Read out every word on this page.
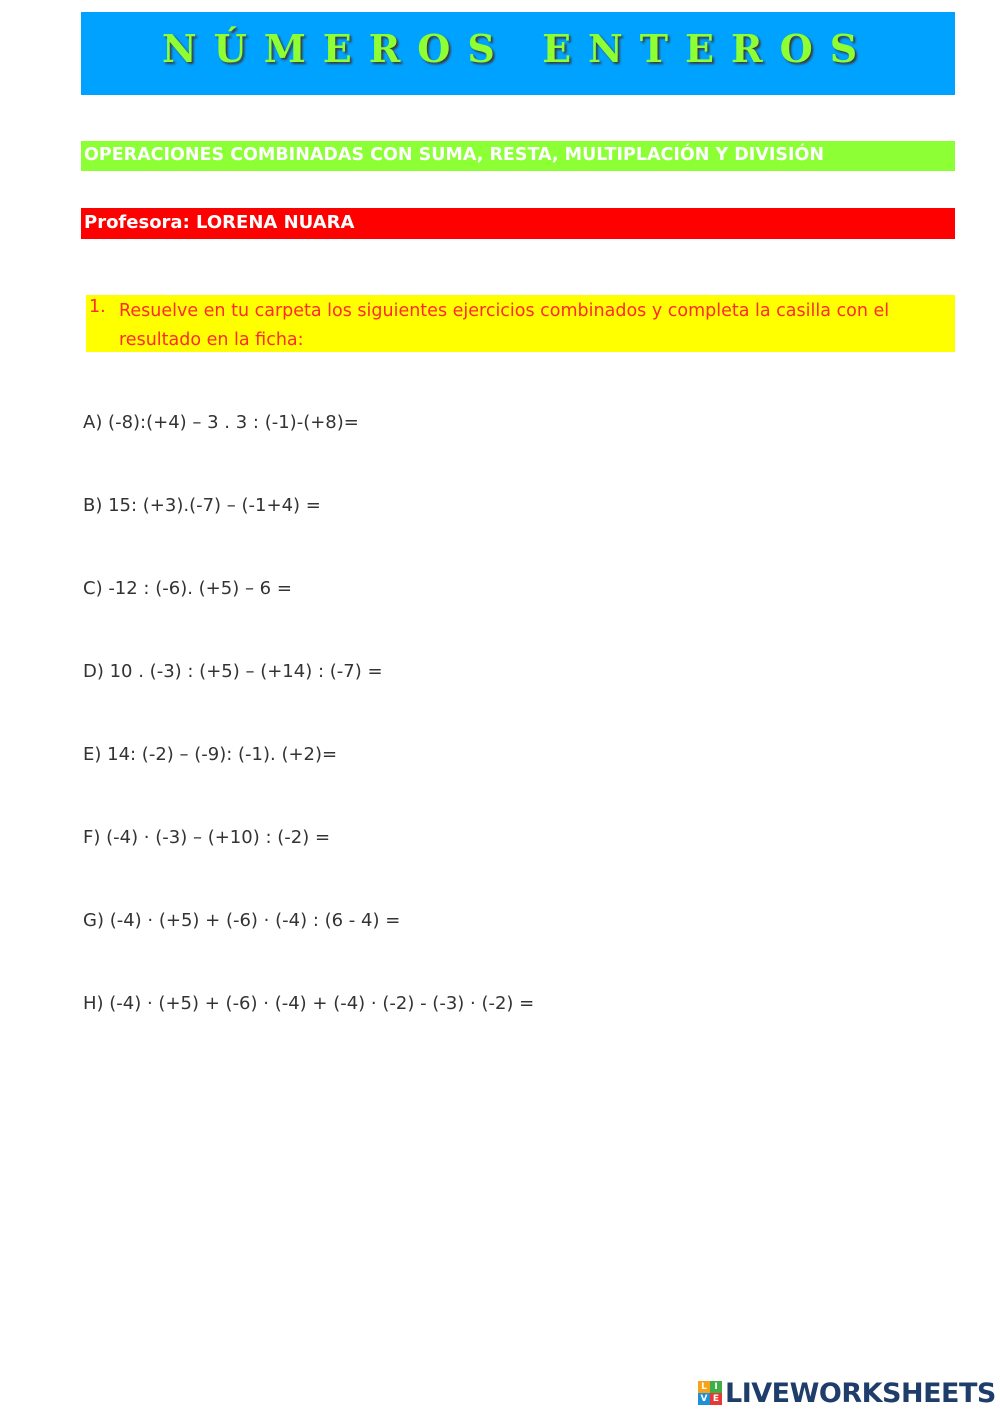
NÚMEROS ENTEROS
OPERACIONES COMBINADAS CON SUMA, RESTA, MULTIPLACIÓN Y DIVISIÓN
Profesora: LORENA NUARA
1. Resuelve en tu carpeta los siguientes ejercicios combinados y completa la casilla con el resultado en la ficha:
A) (-8):(+4) – 3 . 3 : (-1)-(+8)=
B) 15: (+3).(-7) – (-1+4) =
C) -12 : (-6). (+5) – 6 =
D) 10 . (-3) : (+5) – (+14) : (-7) =
E) 14: (-2) – (-9): (-1). (+2)=
F) (-4) · (-3) – (+10) : (-2) =
G) (-4) · (+5) + (-6) · (-4) : (6 - 4) =
H) (-4) · (+5) + (-6) · (-4) + (-4) · (-2) - (-3) · (-2) =
L I
V E LIVEWORKSHEETS
